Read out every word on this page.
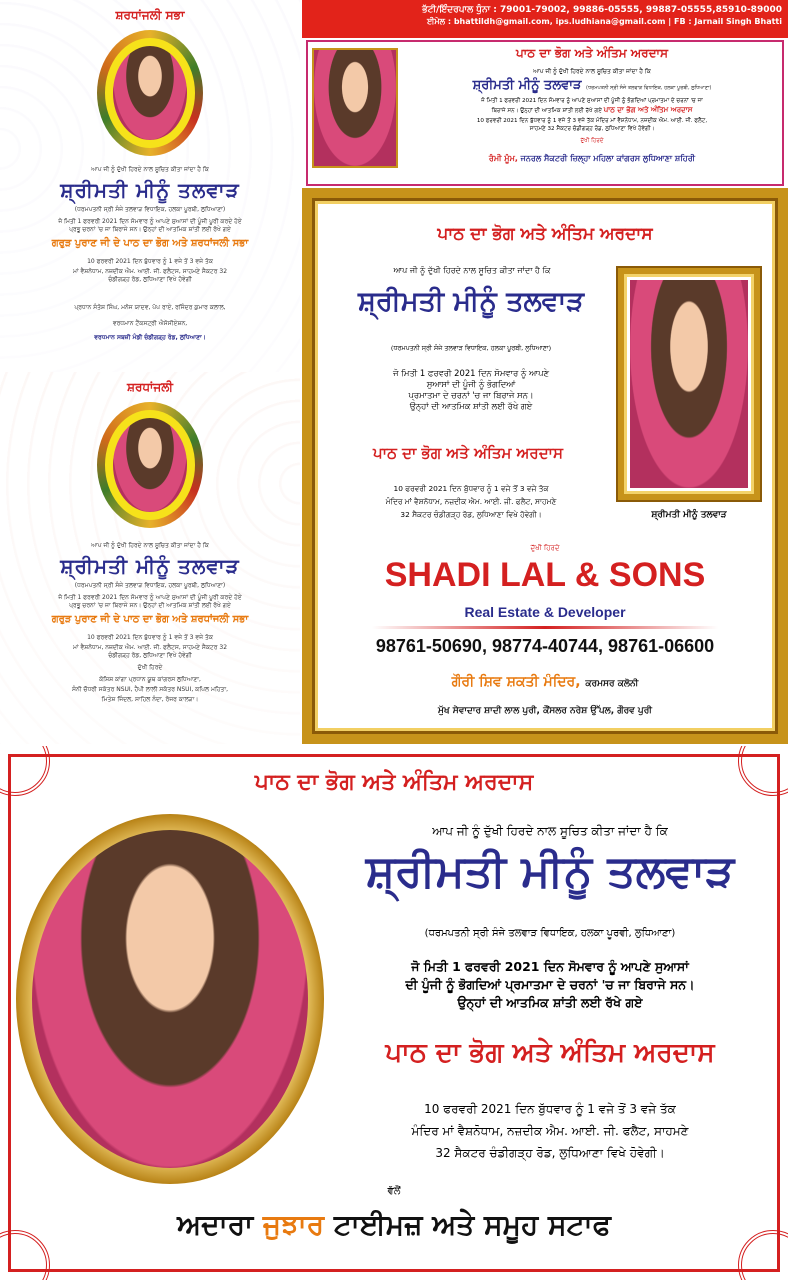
ਸ਼ਰਧਾਂਜਲੀ ਸਭਾ
ਆਪ ਜੀ ਨੂੰ ਦੁੱਖੀ ਹਿਰਦੇ ਨਾਲ ਸੂਚਿਤ ਕੀਤਾ ਜਾਂਦਾ ਹੈ ਕਿ
ਸ਼੍ਰੀਮਤੀ ਮੀਨੂੰ ਤਲਵਾੜ
(ਧਰਮਪਤਨੀ ਸ੍ਰੀ ਸੰਜੇ ਤਲਵਾੜ ਵਿਧਾਇਕ, ਹਲਕਾ ਪੂਰਬੀ, ਲੁਧਿਆਣਾ)
ਜੋ ਮਿਤੀ 1 ਫਰਵਰੀ 2021 ਦਿਨ ਸੋਮਵਾਰ ਨੂੰ ਆਪਣੇ ਸੁਆਸਾਂ ਦੀ ਪੂੰਜੀ ਪੂਰੀ ਕਰਦੇ ਹੋਏ
ਪ੍ਰਭੂ ਚਰਨਾਂ 'ਚ ਜਾ ਬਿਰਾਜੇ ਸਨ। ਉਨ੍ਹਾਂ ਦੀ ਆਤਮਿਕ ਸ਼ਾਂਤੀ ਲਈ ਰੱਖੇ ਗਏ
ਗਰੁੜ ਪੁਰਾਣ ਜੀ ਦੇ ਪਾਠ ਦਾ ਭੋਗ ਅਤੇ ਸ਼ਰਧਾਂਜਲੀ ਸਭਾ
10 ਫਰਵਰੀ 2021 ਦਿਨ ਬੁੱਧਵਾਰ ਨੂੰ 1 ਵਜੇ ਤੋਂ 3 ਵਜੇ ਤੱਕ
ਮਾਂ ਵੈਸ਼ਨੋਧਾਮ, ਨਜ਼ਦੀਕ ਐਮ. ਆਈ. ਜੀ. ਫਲੈਟਸ, ਸਾਹਮਣੇ ਸੈਕਟਰ 32
ਚੰਡੀਗੜ੍ਹ ਰੋਡ, ਲੁਧਿਆਣਾ ਵਿਖੇ ਹੋਵੇਗੀ
ਪ੍ਰਧਾਨ ਸੰਤੋਸ਼ ਸਿੰਘ, ਮਨੋਜ ਯਾਦਵ, ਪੱਪ ਰਾਏ, ਰਜਿੰਦਰ ਕੁਮਾਰ ਕਲਾਲ,
ਵਰਧਮਾਨ ਟੈਂਕਸਟ੍ਰੀ ਐਸੋਸੀਏਸ਼ਨ,
ਵਰਧਮਾਨ ਸਬਜ਼ੀ ਮੰਡੀ ਚੰਡੀਗੜ੍ਹ ਰੋਡ, ਲੁਧਿਆਣਾ।
ਸ਼ਰਧਾਂਜਲੀ
ਆਪ ਜੀ ਨੂੰ ਦੁੱਖੀ ਹਿਰਦੇ ਨਾਲ ਸੂਚਿਤ ਕੀਤਾ ਜਾਂਦਾ ਹੈ ਕਿ
ਸ਼੍ਰੀਮਤੀ ਮੀਨੂੰ ਤਲਵਾੜ
(ਧਰਮਪਤਨੀ ਸ੍ਰੀ ਸੰਜੇ ਤਲਵਾੜ ਵਿਧਾਇਕ, ਹਲਕਾ ਪੂਰਬੀ, ਲੁਧਿਆਣਾ)
ਜੋ ਮਿਤੀ 1 ਫਰਵਰੀ 2021 ਦਿਨ ਸੋਮਵਾਰ ਨੂੰ ਆਪਣੇ ਸੁਆਸਾਂ ਦੀ ਪੂੰਜੀ ਪੂਰੀ ਕਰਦੇ ਹੋਏ
ਪ੍ਰਭੂ ਚਰਨਾਂ 'ਚ ਜਾ ਬਿਰਾਜੇ ਸਨ। ਉਨ੍ਹਾਂ ਦੀ ਆਤਮਿਕ ਸ਼ਾਂਤੀ ਲਈ ਰੱਖੇ ਗਏ
ਗਰੁੜ ਪੁਰਾਣ ਜੀ ਦੇ ਪਾਠ ਦਾ ਭੋਗ ਅਤੇ ਸ਼ਰਧਾਂਜਲੀ ਸਭਾ
10 ਫਰਵਰੀ 2021 ਦਿਨ ਬੁੱਧਵਾਰ ਨੂੰ 1 ਵਜੇ ਤੋਂ 3 ਵਜੇ ਤੱਕ
ਮਾਂ ਵੈਸ਼ਨੋਧਾਮ, ਨਜ਼ਦੀਕ ਐਮ. ਆਈ. ਜੀ. ਫਲੈਟਸ, ਸਾਹਮਣੇ ਸੈਕਟਰ 32
ਚੰਡੀਗੜ੍ਹ ਰੋਡ, ਲੁਧਿਆਣਾ ਵਿਖੇ ਹੋਵੇਗੀ
ਦੁੱਖੀ ਹਿਰਦੇ
ਕੋਸ਼ਿਸ਼ ਕਾਂਗਾ ਪ੍ਰਧਾਨ ਯੂਥ ਕਾਂਗਰਸ ਲੁਧਿਆਣਾ,
ਸੰਨੀ ਚੌਧਰੀ ਸਕੱਤਰ NSUI, ਹੈਪੀ ਲਾਲੀ ਸਕੱਤਰ NSUI, ਕਪਿਲ ਮਹਿਤਾ,
ਮਿਤੇਸ਼ ਜਿੰਦਲ, ਸਾਹਿਲ ਨੰਦਾ, ਰੋਜਰ ਕਾਲੜਾ।
ਭੱਟੀ/ਇੰਦਰਪਾਲ ਧੁੰਨਾ : 79001-79002, 99886-05555, 99887-05555,85910-89000
ਈਮੇਲ : bhattildh@gmail.com, ips.ludhiana@gmail.com | FB : Jarnail Singh Bhatti
ਪਾਠ ਦਾ ਭੋਗ ਅਤੇ ਅੰਤਿਮ ਅਰਦਾਸ
ਆਪ ਜੀ ਨੂੰ ਦੁੱਖੀ ਹਿਰਦੇ ਨਾਲ ਸੂਚਿਤ ਕੀਤਾ ਜਾਂਦਾ ਹੈ ਕਿ
ਸ਼੍ਰੀਮਤੀ ਮੀਨੂੰ ਤਲਵਾੜ (ਧਰਮਪਤਨੀ ਸ੍ਰੀ ਸੰਜੇ ਤਲਵਾੜ ਵਿਧਾਇਕ, ਹਲਕਾ ਪੂਰਬੀ, ਲੁਧਿਆਣਾ)
ਜੋ ਮਿਤੀ 1 ਫਰਵਰੀ 2021 ਦਿਨ ਸੋਮਵਾਰ ਨੂੰ ਆਪਣੇ ਸੁਆਸਾਂ ਦੀ ਪੂੰਜੀ ਨੂੰ ਭੋਗਦਿਆਂ ਪ੍ਰਮਾਤਮਾ ਦੇ ਚਰਨਾਂ 'ਚ ਜਾ
ਬਿਰਾਜੇ ਸਨ। ਉਨ੍ਹਾਂ ਦੀ ਆਤਮਿਕ ਸ਼ਾਂਤੀ ਲਈ ਰੱਖੇ ਗਏ ਪਾਠ ਦਾ ਭੋਗ ਅਤੇ ਅੰਤਿਮ ਅਰਦਾਸ
10 ਫਰਵਰੀ 2021 ਦਿਨ ਬੁੱਧਵਾਰ ਨੂੰ 1 ਵਜੇ ਤੋਂ 3 ਵਜੇ ਤੱਕ ਮੰਦਿਰ ਮਾਂ ਵੈਸ਼ਨੋਧਾਮ, ਨਜ਼ਦੀਕ ਐਮ. ਆਈ. ਜੀ. ਫਲੈਟ,
ਸਾਹਮਣੇ 32 ਸੈਕਟਰ ਚੰਡੀਗੜ੍ਹ ਰੋਡ, ਲੁਧਿਆਣਾ ਵਿਖੇ ਹੋਵੇਗੀ।
ਦੁੱਖੀ ਹਿਰਦੇ
ਰੰਮੀ ਮੂੰਮ, ਜਨਰਲ ਸੈਕਟਰੀ ਜ਼ਿਲ੍ਹਾ ਮਹਿਲਾ ਕਾਂਗਰਸ ਲੁਧਿਆਣਾ ਸ਼ਹਿਰੀ
ਪਾਠ ਦਾ ਭੋਗ ਅਤੇ ਅੰਤਿਮ ਅਰਦਾਸ
ਆਪ ਜੀ ਨੂੰ ਦੁੱਖੀ ਹਿਰਦੇ ਨਾਲ ਸੂਚਿਤ ਕੀਤਾ ਜਾਂਦਾ ਹੈ ਕਿ
ਸ਼੍ਰੀਮਤੀ ਮੀਨੂੰ ਤਲਵਾੜ
(ਧਰਮਪਤਨੀ ਸ੍ਰੀ ਸੰਜੇ ਤਲਵਾੜ ਵਿਧਾਇਕ, ਹਲਕਾ ਪੂਰਬੀ, ਲੁਧਿਆਣਾ)
ਜੋ ਮਿਤੀ 1 ਫਰਵਰੀ 2021 ਦਿਨ ਸੋਮਵਾਰ ਨੂੰ ਆਪਣੇ
ਸੁਆਸਾਂ ਦੀ ਪੂੰਜੀ ਨੂੰ ਭੋਗਦਿਆਂ
ਪ੍ਰਮਾਤਮਾ ਦੇ ਚਰਨਾਂ 'ਚ ਜਾ ਬਿਰਾਜੇ ਸਨ।
ਉਨ੍ਹਾਂ ਦੀ ਆਤਮਿਕ ਸ਼ਾਂਤੀ ਲਈ ਰੱਖੇ ਗਏ
ਪਾਠ ਦਾ ਭੋਗ ਅਤੇ ਅੰਤਿਮ ਅਰਦਾਸ
10 ਫਰਵਰੀ 2021 ਦਿਨ ਬੁੱਧਵਾਰ ਨੂੰ 1 ਵਜੇ ਤੋਂ 3 ਵਜੇ ਤੱਕ
ਮੰਦਿਰ ਮਾਂ ਵੈਸ਼ਨੋਧਾਮ, ਨਜ਼ਦੀਕ ਐਮ. ਆਈ. ਜੀ. ਫਲੈਟ, ਸਾਹਮਣੇ
32 ਸੈਕਟਰ ਚੰਡੀਗੜ੍ਹ ਰੋਡ, ਲੁਧਿਆਣਾ ਵਿਖੇ ਹੋਵੇਗੀ।	ਸ਼੍ਰੀਮਤੀ ਮੀਨੂੰ ਤਲਵਾੜ
ਦੁੱਖੀ ਹਿਰਦੇ
SHADI LAL & SONS
Real Estate & Developer
98761-50690, 98774-40744, 98761-06600
ਗੌਰੀ ਸ਼ਿਵ ਸ਼ਕਤੀ ਮੰਦਿਰ, ਕਰਮਸਰ ਕਲੋਨੀ
ਮੁੱਖ ਸੇਵਾਦਾਰ ਸ਼ਾਦੀ ਲਾਲ ਪੁਰੀ, ਕੌਂਸਲਰ ਨਰੇਸ਼ ਉੱਪਲ, ਗੌਰਵ ਪੁਰੀ
ਪਾਠ ਦਾ ਭੋਗ ਅਤੇ ਅੰਤਿਮ ਅਰਦਾਸ
ਆਪ ਜੀ ਨੂੰ ਦੁੱਖੀ ਹਿਰਦੇ ਨਾਲ ਸੂਚਿਤ ਕੀਤਾ ਜਾਂਦਾ ਹੈ ਕਿ
ਸ਼੍ਰੀਮਤੀ ਮੀਨੂੰ ਤਲਵਾੜ
(ਧਰਮਪਤਨੀ ਸ੍ਰੀ ਸੰਜੇ ਤਲਵਾੜ ਵਿਧਾਇਕ, ਹਲਕਾ ਪੂਰਵੀ, ਲੁਧਿਆਣਾ)
ਜੋ ਮਿਤੀ 1 ਫਰਵਰੀ 2021 ਦਿਨ ਸੋਮਵਾਰ ਨੂੰ ਆਪਣੇ ਸੁਆਸਾਂ
ਦੀ ਪੂੰਜੀ ਨੂੰ ਭੋਗਦਿਆਂ ਪ੍ਰਮਾਤਮਾ ਦੇ ਚਰਨਾਂ 'ਚ ਜਾ ਬਿਰਾਜੇ ਸਨ।
ਉਨ੍ਹਾਂ ਦੀ ਆਤਮਿਕ ਸ਼ਾਂਤੀ ਲਈ ਰੱਖੇ ਗਏ
ਪਾਠ ਦਾ ਭੋਗ ਅਤੇ ਅੰਤਿਮ ਅਰਦਾਸ
10 ਫਰਵਰੀ 2021 ਦਿਨ ਬੁੱਧਵਾਰ ਨੂੰ 1 ਵਜੇ ਤੋਂ 3 ਵਜੇ ਤੱਕ
ਮੰਦਿਰ ਮਾਂ ਵੈਸ਼ਨੋਧਾਮ, ਨਜ਼ਦੀਕ ਐਮ. ਆਈ. ਜੀ. ਫਲੈਟ, ਸਾਹਮਣੇ
32 ਸੈਕਟਰ ਚੰਡੀਗੜ੍ਹ ਰੋਡ, ਲੁਧਿਆਣਾ ਵਿਖੇ ਹੋਵੇਗੀ।
ਵੱਲੋਂ
ਅਦਾਰਾ ਜੁਝਾਰ ਟਾਈਮਜ਼ ਅਤੇ ਸਮੂਹ ਸਟਾਫ
